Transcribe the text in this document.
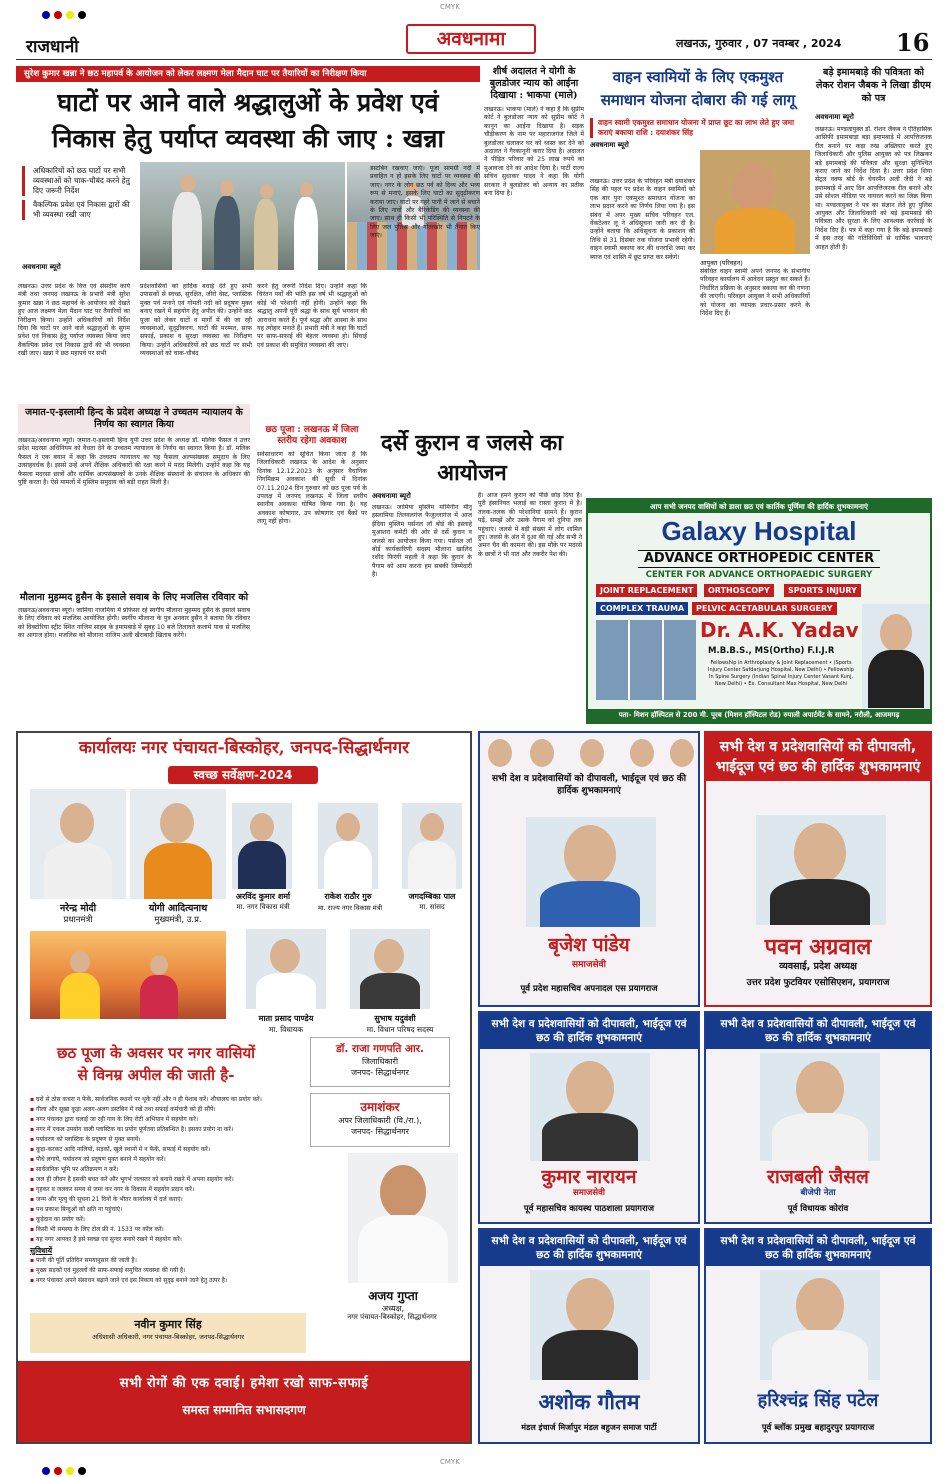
CMYK
राजधानी	अवधनामा	लखनऊ, गुरुवार , 07 नवम्बर , 2024 16
सुरेश कुमार खन्ना ने छठ महापर्व के आयोजन को लेकर लक्ष्मण मेला मैदान घाट पर तैयारियों का निरीक्षण किया
घाटों पर आने वाले श्रद्धालुओं के प्रवेश एवं
निकास हेतु पर्याप्त व्यवस्था की जाए : खन्ना
अधिकारियों को छठ घाटों पर सभी व्यवस्थाओं को चाक-चौबंद करने हेतु दिए जरूरी निर्देश
वैकल्पिक प्रवेश एवं निकास द्वारों की भी व्यवस्था रखी जाए
अवधनामा ब्यूरो
लखनऊ। उत्तर प्रदेश के वित्त एवं संसदीय कार्य मंत्री तथा जनपद लखनऊ के प्रभारी मंत्री सुरेश कुमार खन्ना ने छठ महापर्व के आयोजन को देखते हुए आज लक्ष्मण मेला मैदान घाट पर तैयारियों का निरीक्षण किया। उन्होंने अधिकारियों को निर्देश दिया कि घाटों पर आने वाले श्रद्धालुओं के सुगम प्रवेश एवं निकास हेतु पर्याप्त व्यवस्था किया जाए वैकल्पिक प्रवेश एवं निकास द्वारों की भी व्यवस्था रखी जाए। खन्ना ने छठ महापर्व पर सभी
प्रदेशवासियों को हार्दिक बधाई देते हुए सभी उपासकों से स्वच्छ, सुरक्षित, जीरो वेस्ट, प्लास्टिक मुक्त पर्व मनाने एवं गोमती नदी को प्रदूषण मुक्त बनाए रखने में सहयोग हेतु अपील की। उन्होंने छठ पूजा को लेकर घाटों व मार्गों में की जा रही व्यवस्थाओं, सुदृढ़ीकरण, घाटों की मरम्मत, साफ सफाई, प्रकाश व सुरक्षा व्यवस्था का निरीक्षण किया। उन्होंने अधिकारियों को छठ घाटों पर सभी व्यवस्थाओं को चाक-चौबंद
करने हेतु जरूरी निर्देश दिए। उन्होंने कहा कि चिरंतन पर्वों की भांति इस वर्ष भी श्रद्धालुओं को कोई भी परेशानी नहीं होनी। उन्होंने कहा कि श्रद्धालु अपनी पूरी श्रद्धा के साथ सूर्य भगवान की आराधना करते हैं। पूर्ण श्रद्धा और आस्था के साथ यह त्योहार मनाते हैं। प्रभारी मंत्री ने कहा कि घाटों पर साफ-सफाई की बेहतर व्यवस्था हो। सिंचाई एवं प्रकाश की समुचित व्यवस्था की जाए।
डस्टबिन रखवाए जाएं। पूजा सामग्री नदी में प्रवाहित न हो इसके लिए घाटों पर व्यवस्था की जाए। नगर के लोग छठ पर्व को दिव्य और भव्य रूप से मनाएं, इसके लिए घाटों का सुदृढ़ीकरण कराया जाए। घाटों पर गहरे पानी में जाने से बचाने के लिए नावों और बैरिकेडिंग की व्यवस्था की जाए। साथ ही किसी भी परिस्थिति से निपटने के लिए जल पुलिस और गोताखोर भी तैनात किए जाएं।
छठ पूजा : लखनऊ में जिला स्तरीय रहेगा अवकाश
सर्वसाधारण को सूचित किया जाता है कि जिलाधिकारी लखनऊ के आदेश के अनुसार दिनांक 12.12.2023 के अनुसार वैधानिक निगमिक्रम अवकाश की सूची में दिनांक 07.11.2024 दिन गुरुवार को छठ पूजा पर्व के उपलक्ष में जनपद लखनऊ में जिला स्तरीय स्थानीय अवकाश घोषित किया गया है। यह अवकाश कोषागार, उप कोषागार एवं बैंकों पर लागू नहीं होगा।
जमात-ए-इस्लामी हिन्द के प्रदेश अध्यक्ष ने उच्चतम न्यायालय के निर्णय का स्वागत किया
लखनऊ/अवधनामा ब्यूरो। जमात-ए-इस्लामी हिन्द यूपी उत्तर प्रदेश के अध्यक्ष डॉ. मलिक फैसल ने उत्तर प्रदेश मदरसा अधिनियम को वैधता देने के उच्चतम न्यायालय के निर्णय का स्वागत किया है। डॉ. मलिक फैसल ने एक बयान में कहा कि उच्चतम न्यायालय का यह फैसला अल्पसंख्यक समुदाय के लिए उत्साहवर्धक है। इससे उन्हें अपने शैक्षिक अधिकारों की रक्षा करने में मदद मिलेगी। उन्होंने कहा कि यह फैसला मदरसा छात्रों और धार्मिक अल्पसंख्यकों के उनके शैक्षिक संस्थानों के संचालन के अधिकार की पुष्टि करता है। ऐसे मामलों में मुस्लिम समुदाय को बड़ी राहत मिली है।
मौलाना मुहम्मद हुसैन के इसाले सवाब के लिए मजलिस रविवार को
लखनऊ/अवधनामा ब्यूरो। जामिया नाजमिया में प्रोफेसर रहे स्वर्गीय मौलाना मुहम्मद हुसैन के इसाले सवाब के लिए रविवार को मजलिस आयोजित होगी। स्वर्गीय मौलाना के पुत्र अनवार हुसैन ने बताया कि रविवार को विक्टोरिया स्ट्रीट स्थित नाजिम साहब के इमामबाड़े में सुबह 10 बजे तिलावते कलामे पाक से मजलिस का आगाज होगा। मजलिस को मौलाना नाजिम अली खैराबादी खिताब करेंगे।
शीर्ष अदालत ने योगी के बुलडोजर न्याय को आईना दिखाया : भाकपा (माले)
लखनऊ। भाकपा (माले) ने कहा है कि सुप्रीम कोर्ट ने बुलडोजर न्याय को सुप्रीम कोर्ट ने कानून का आईना दिखाया है। सड़क चौड़ीकरण के नाम पर महाराजगंज जिले में बुलडोजर चलाकर घर को ध्वस्त कर देने को अदालत ने गैरकानूनी करार दिया है। अदालत ने पीड़ित परिवार को 25 लाख रुपये का मुआवजा देने का आदेश दिया है। पार्टी राज्य सचिव सुधाकर यादव ने कहा कि योगी सरकार ने बुलडोजर को अन्याय का प्रतीक बना दिया है।
वाहन स्वामियों के लिए एकमुश्त समाधान योजना दोबारा की गई लागू
वाहन स्वामी एकमुश्त समाधान योजना में प्राप्त छूट का लाभ लेते हुए जमा कराएं बकाया राशि : दयाशंकर सिंह
अवधनामा ब्यूरो
लखनऊ। उत्तर प्रदेश के परिवहन मंत्री दयाशंकर सिंह की पहल पर प्रदेश के वाहन स्वामियों को एक बार पुनः एकमुश्त समाधान योजना का लाभ प्रदान करने का निर्णय लिया गया है। इस संबंध में अपर मुख्य सचिव परिवहन एल. वेंकटेश्वर लू ने अधिसूचना जारी कर दी है। उन्होंने बताया कि अधिसूचना के प्रकाशन की तिथि से 31 दिसंबर तक योजना प्रभावी रहेगी। वाहन स्वामी बकाया कर की धनराशि जमा कर ब्याज एवं शास्ति में छूट प्राप्त कर सकेंगे।
आयुक्त (परिवहन)
संबंधित वाहन स्वामी अपने जनपद के संभागीय परिवहन कार्यालय में आवेदन प्रस्तुत कर सकते हैं। निर्धारित प्रक्रिया के अनुसार बकाया कर की गणना की जाएगी। परिवहन आयुक्त ने सभी अधिकारियों को योजना का व्यापक प्रचार-प्रसार करने के निर्देश दिए हैं।
बड़े इमामबाड़े की पवित्रता को लेकर रोशन जैबक ने लिखा डीएम को पत्र
अवधनामा ब्यूरो
लखनऊ। मण्डलायुक्त डॉ. रोशन जैकब ने ऐतिहासिक आसिफी इमामबाड़ा बड़ा इमामबाड़े में आपत्तिजनक रील बनाने पर कड़ा रुख अख्तियार करते हुए जिलाधिकारी और पुलिस आयुक्त को पत्र लिखकर बड़े इमामबाड़े की पवित्रता और सुरक्षा सुनिश्चित कराए जाने का निर्देश दिया है। उत्तर प्रदेश शिया सेंट्रल वक्फ बोर्ड के चेयरमैन अली जैदी ने बड़े इमामबाड़े में आए दिन आपत्तिजनक रील बनाने और उसे सोशल मीडिया पर वायरल करने का जिक्र किया था। मण्डलायुक्त ने पत्र का संज्ञान लेते हुए पुलिस आयुक्त और जिलाधिकारी को बड़े इमामबाड़े की पवित्रता और सुरक्षा के लिए आवश्यक कार्रवाई के निर्देश दिए हैं। पत्र में कहा गया है कि बड़े इमामबाड़े में इस तरह की गतिविधियों से धार्मिक भावनाएं आहत होती हैं।
दर्से कुरान व जलसे का आयोजन
अवधनामा ब्यूरो
लखनऊ। जामिया मुस्लिम मोमिनीन मीनू इस्लामिया तिलवलगंज फैजुल्लागंज में आज ईदिया मुस्लिम पर्सनल लॉ बोर्ड की इस्लाहे मुआशरा कमेटी की ओर से दर्से कुरान व जलसे का आयोजन किया गया। पर्सनल लॉ बोर्ड कार्यकारिणी सदस्य मौलाना खालिद रशीद फिरंगी महली ने कहा कि कुरान के पैगाम को आम करना हम सबकी जिम्मेदारी है।
है। आज हमने कुरान को पीछे छोड़ दिया है। पूरी इंसानियत भलाई का रास्ता कुरान में है। तलक-तलक की परेशानियां सामने हैं। कुरान पढ़ें, समझें और उसके पैगाम को दुनिया तक पहुंचाएं। जलसे में बड़ी संख्या में लोग शामिल हुए। जलसे के अंत में दुआ की गई और सभी ने अमन चैन की कामना की। इस मौके पर मदरसे के छात्रों ने भी नात और तकरीर पेश की।
आप सभी जनपद वासियों को डाला छठ एवं कार्तिक पूर्णिमा की हार्दिक शुभकामनाएं
Galaxy Hospital
ADVANCE ORTHOPEDIC CENTER
CENTER FOR ADVANCE ORTHOPAEDIC SURGERY
JOINT REPLACEMENT	ORTHOSCOPY	SPORTS INJURY
COMPLEX TRAUMA	PELVIC ACETABULAR SURGERY
Dr. A.K. Yadav
M.B.B.S., MS(Ortho) F.I.J.R
Fellowship in Arthroplasty & Joint Replacement • (Sports Injury Center Safdarjung Hospital, New Delhi) • Fellowship In Spine Surgery (Indian Spinal Injury Center Vasant Kunj, New Delhi) • Ex. Consultant Max Hospital, New Delhi
पता- मिशन हॉस्पिटल से 200 मी. पूरब (मिशन हॉस्पिटल रोड) रुपाली अपार्टमेंट के सामने, नरौली, आजमगढ़
कार्यालयः नगर पंचायत-बिस्कोहर, जनपद-सिद्धार्थनगर
स्वच्छ सर्वेक्षण-2024
नरेन्द्र मोदी
प्रधानमंत्री
योगी आदित्यनाथ
मुख्यमंत्री, उ.प्र.
अरविंद कुमार शर्मा
मा. नगर विकास मंत्री
राकेश राठौर गुरु
मा. राज्य नगर विकास मंत्री
जगदम्बिका पाल
मा. सांसद
माता प्रसाद पाण्डेय
मा. विधायक
सुभाष यदुवंशी
मा. विधान परिषद सदस्य
छठ पूजा के अवसर पर नगर वासियों
से विनम्र अपील की जाती है-
डॉ. राजा गणपति आर.
जिलाधिकारी
जनपद- सिद्धार्थनगर
उमाशंकर
अपर जिलाधिकारी (वि./रा.),
जनपद- सिद्धार्थनगर
▪ घरों से ठोस कचरा न फेंकें, सार्वजनिक स्थानों पर थूकें नहीं और न ही पेशाब करें। शौचालय का प्रयोग करें।
▪ गीला और सूखा कूड़ा अलग-अलग डस्टबिन में रखें तथा सफाई कर्मचारी को ही सौंपें।
▪ नगर पंचायत द्वारा चलाई जा रही गाय के लिए रोटी अभियान में सहयोग करें।
▪ नगर में एकल उपयोग वाली प्लास्टिक का प्रयोग पूर्णतया प्रतिबन्धित है। इसका प्रयोग ना करें।
▪ पर्यावरण को प्लास्टिक के प्रदूषण से मुक्त बनायें।
▪ कूड़ा-करकट आदि नालियों, सड़कों, खुले स्थानों में न फेंकें, सफाई में सहयोग करें।
▪ पौधे लगायें, पर्यावरण को प्रदूषण मुक्त बनाने में सहयोग करें।
▪ सार्वजनिक भूमि पर अतिक्रमण न करें।
▪ जल ही जीवन है इसकी बचत करें और भूगर्भ जलस्तर को बनाये रखने में अपना सहयोग करें।
▪ गृहकर व जलकर समय से जमा कर नगर के विकास में सहयोग प्रदान करें।
▪ जन्म और मृत्यु की सूचना 21 दिनों के भीतर कार्यालय में दर्ज कराएं।
▪ पथ प्रकाश बिन्दुओं को क्षति ना पहुंचाएं।
▪ कूड़ेदान का प्रयोग करें।
▪ किसी भी समस्या के लिए टोल फ्री नं. 1533 पर कॉल करें।
▪ यह नगर आपका है इसे स्वच्छ एवं सुन्दर बनाये रखने में सहयोग करें।
सुविधायें
▪ पानी की पूर्ति प्रतिदिन समयानुसार की जाती है।
▪ मुख्य सड़कों एवं मुहल्लों की साफ-सफाई समुचित व्यवस्था की गयी है।
▪ नगर पंचायत अपने संसाधन बढ़ाने जाने एवं इस निकाय को सुदृढ़ बनाने जाने हेतु तत्पर है।
अजय गुप्ता
अध्यक्ष,
नगर पंचायत-बिस्कोहर, सिद्धार्थनगर
नवीन कुमार सिंह
अधिशासी अधिकारी, नगर पंचायत-बिस्कोहर, जनपद-सिद्धार्थनगर
सभी रोगों की एक दवाई। हमेशा रखो साफ-सफाई
समस्त सम्मानित सभासदगण
सभी देश व प्रदेशवासियों को दीपावली, भाईदूज एवं छठ की हार्दिक शुभकामनाएं
बृजेश पांडेय
समाजसेवी
पूर्व प्रदेश महासचिव अपनादल एस प्रयागराज
सभी देश व प्रदेशवासियों को दीपावली, भाईदूज एवं छठ की हार्दिक शुभकामनाएं
पवन अग्रवाल
व्यवसाई, प्रदेश अध्यक्ष
उत्तर प्रदेश फुटवियर एसोसिएशन, प्रयागराज
सभी देश व प्रदेशवासियों को दीपावली, भाईदूज एवं छठ की हार्दिक शुभकामनाएं
कुमार नारायन
समाजसेवी
पूर्व महासचिव कायस्थ पाठशाला प्रयागराज
सभी देश व प्रदेशवासियों को दीपावली, भाईदूज एवं छठ की हार्दिक शुभकामनाएं
राजबली जैसल
बीजेपी नेता
पूर्व विधायक कोरांव
सभी देश व प्रदेशवासियों को दीपावली, भाईदूज एवं छठ की हार्दिक शुभकामनाएं
अशोक गौतम
मंडल इंचार्ज मिर्जापुर मंडल बहुजन समाज पार्टी
सभी देश व प्रदेशवासियों को दीपावली, भाईदूज एवं छठ की हार्दिक शुभकामनाएं
हरिश्चंद्र सिंह पटेल
पूर्व ब्लॉक प्रमुख बहादुरपुर प्रयागराज
CMYK
